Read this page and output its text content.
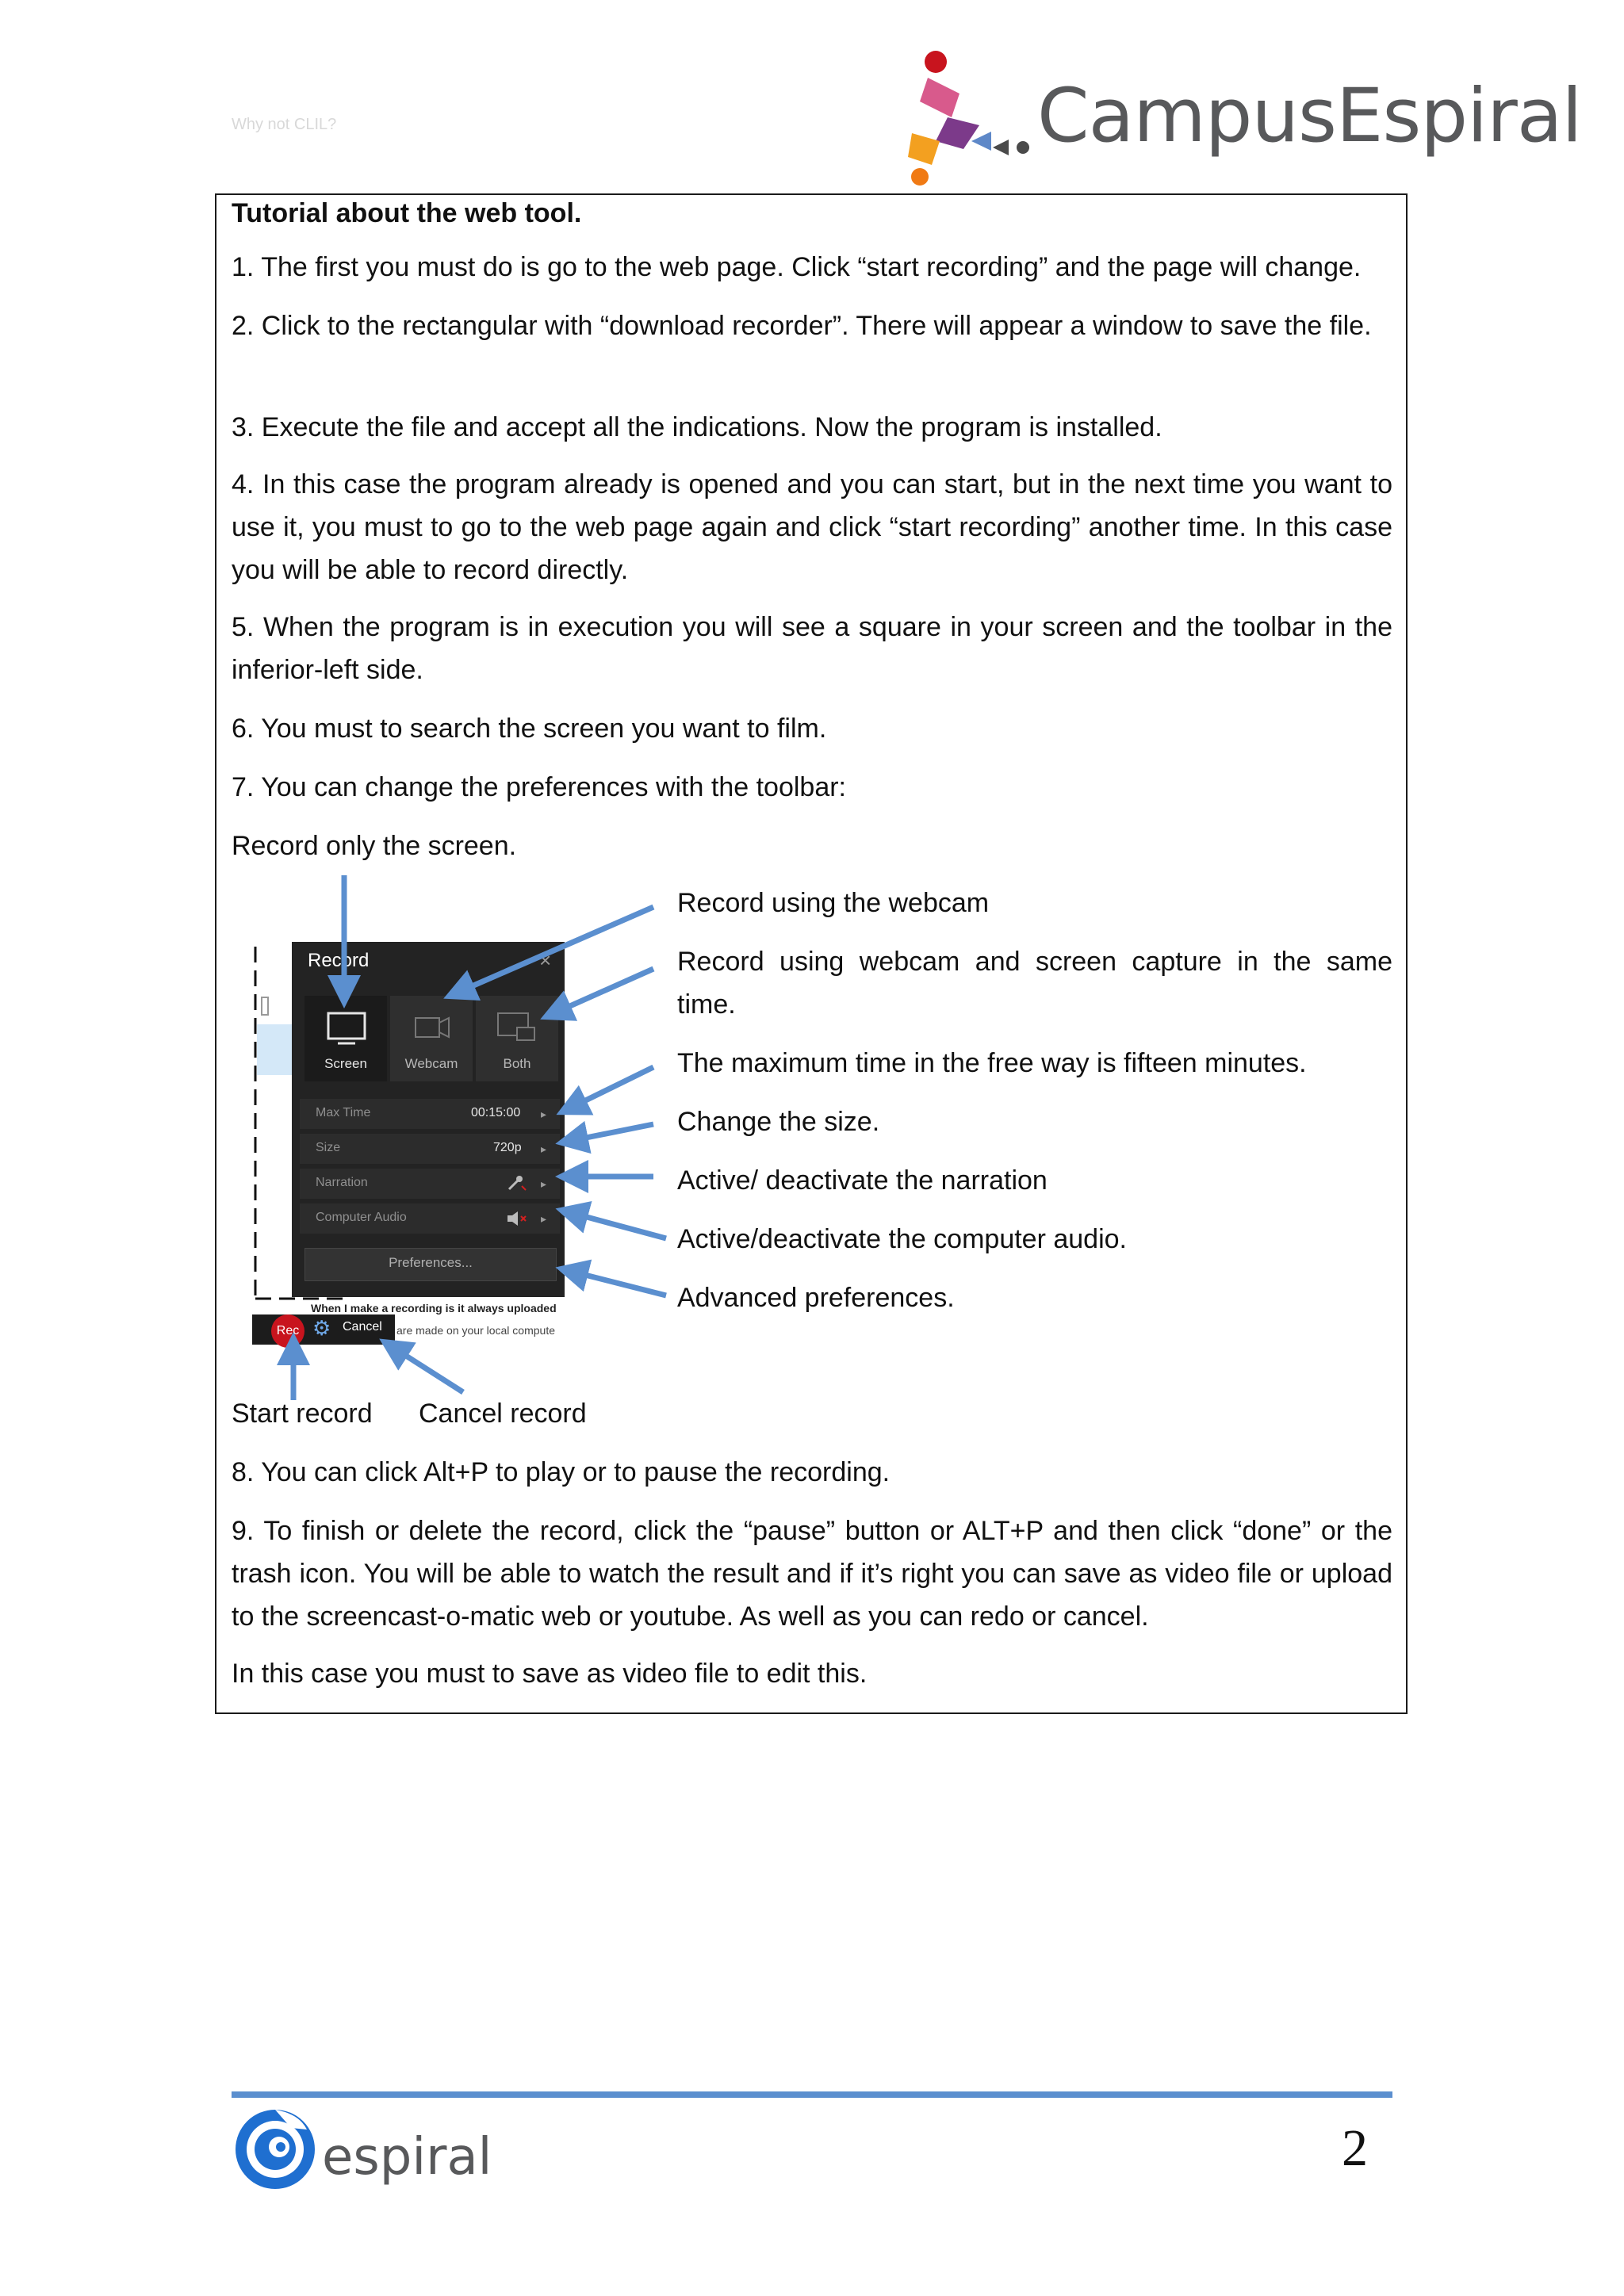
Why not CLIL?	CampusEspiral
Tutorial about the web tool.
1. The first you must do is go to the web page. Click “start recording” and the page will change.
2. Click to the rectangular with “download recorder”. There will appear a window to save the file.
3. Execute the file and accept all the indications. Now the program is installed.
4. In this case the program already is opened and you can start, but in the next time you want to use it, you must to go to the web page again and click “start recording” another time. In this case you will be able to record directly.
5. When the program is in execution you will see a square in your screen and the toolbar in the inferior-left side.
6. You must to search the screen you want to film.
7. You can change the preferences with the toolbar:
Record only the screen.
Record	×
Screen	Webcam	Both
Max Time	00:15:00 ▸
Size	720p ▸
Narration	▸
Computer Audio	▸
Preferences...
When I make a recording is it always uploaded
are made on your local compute
Rec ⚙ Cancel
Record using the webcam
Record using webcam and screen capture in the same time.
The maximum time in the free way is fifteen minutes.
Change the size.
Active/ deactivate the narration
Active/deactivate the computer audio.
Advanced preferences.
Start record	Cancel record
8. You can click Alt+P to play or to pause the recording.
9. To finish or delete the record, click the “pause” button or ALT+P and then click “done” or the trash icon. You will be able to watch the result and if it’s right you can save as video file or upload to the screencast-o-matic web or youtube. As well as you can redo or cancel.
In this case you must to save as video file to edit this.
espiral	2
